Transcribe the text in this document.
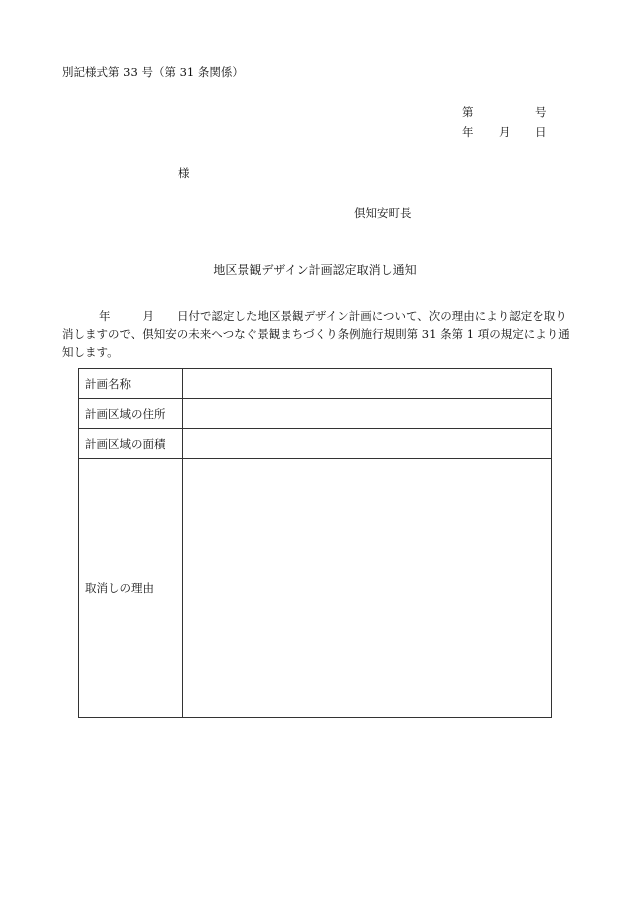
別記様式第 33 号（第 31 条関係）
第	号
年 月 日
様
倶知安町長
地区景観デザイン計画認定取消し通知
年	月 日付で認定した地区景観デザイン計画について、次の理由により認定を取り
消しますので、倶知安の未来へつなぐ景観まちづくり条例施行規則第 31 条第 1 項の規定により通
知します。
計画名称	
計画区域の住所	
計画区域の面積	
取消しの理由	
